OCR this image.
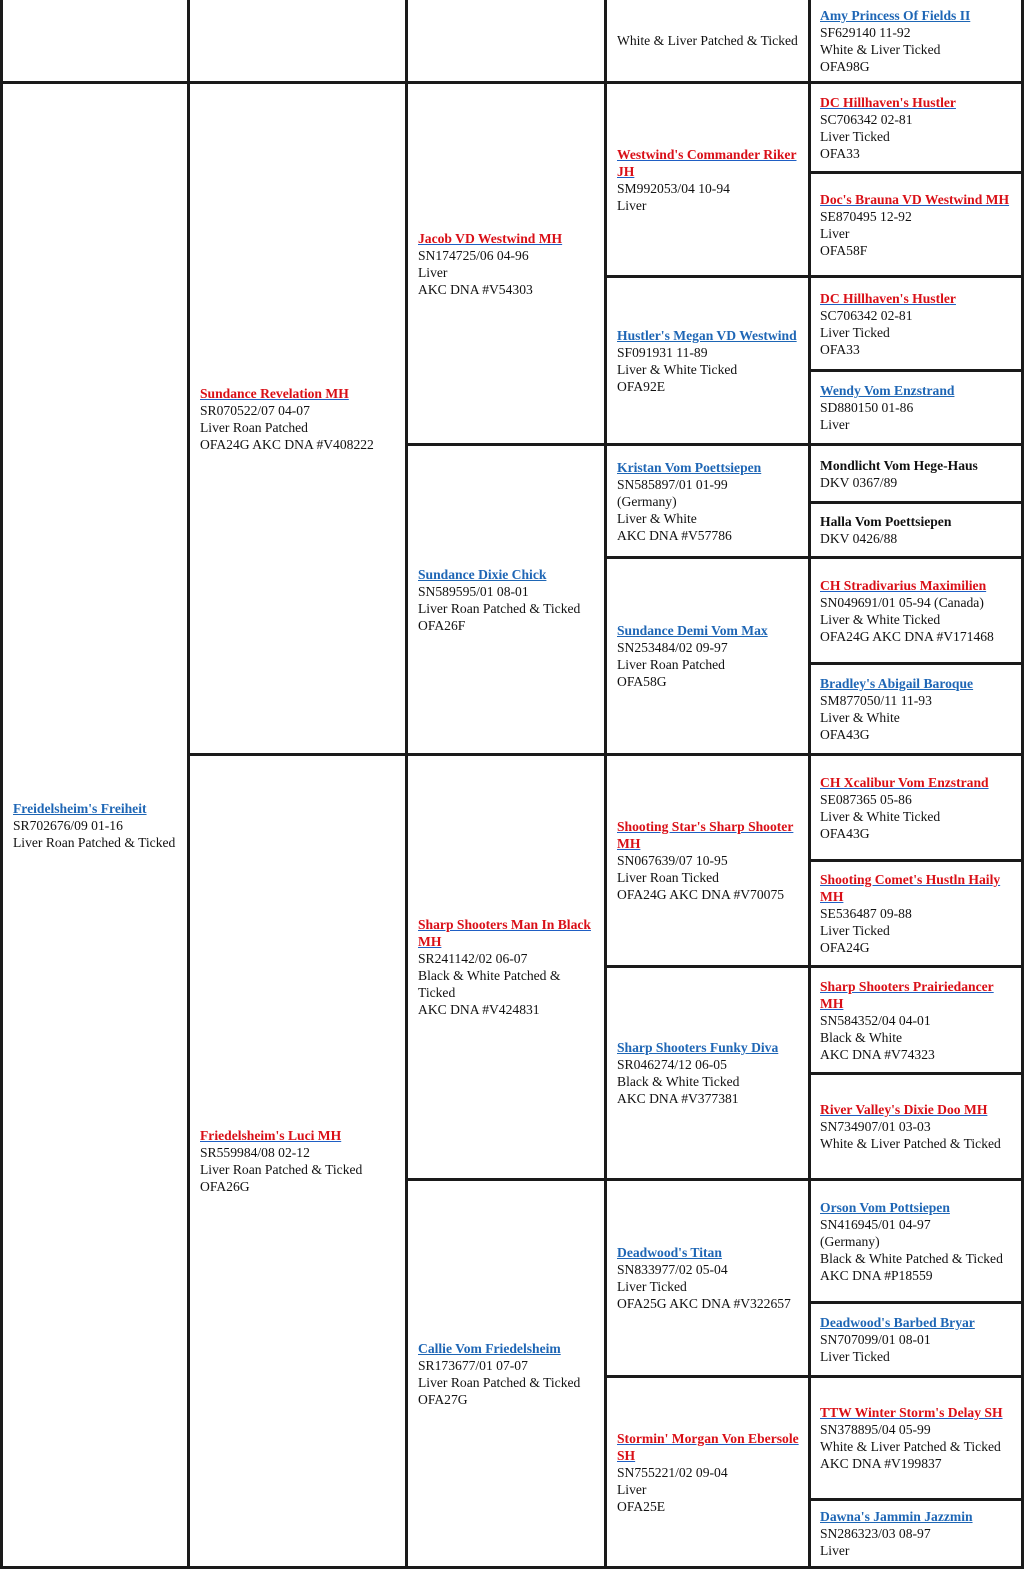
			White & Liver Patched & Ticked	Amy Princess Of Fields II
SF629140 11-92
White & Liver Ticked
OFA98G

Freidelsheim's Freiheit
SR702676/09 01-16
Liver Roan Patched & Ticked	Sundance Revelation MH
SR070522/07 04-07
Liver Roan Patched
OFA24G AKC DNA #V408222	Jacob VD Westwind MH
SN174725/06 04-96
Liver
AKC DNA #V54303	Westwind's Commander Riker JH
SM992053/04 10-94
Liver	DC Hillhaven's Hustler
SC706342 02-81
Liver Ticked
OFA33

				Doc's Brauna VD Westwind MH
SE870495 12-92
Liver
OFA58F

			Hustler's Megan VD Westwind
SF091931 11-89
Liver & White Ticked
OFA92E	DC Hillhaven's Hustler
SC706342 02-81
Liver Ticked
OFA33

				Wendy Vom Enzstrand
SD880150 01-86
Liver

		Sundance Dixie Chick
SN589595/01 08-01
Liver Roan Patched & Ticked
OFA26F	Kristan Vom Poettsiepen
SN585897/01 01-99
(Germany)
Liver & White
AKC DNA #V57786	Mondlicht Vom Hege-Haus
DKV 0367/89

				Halla Vom Poettsiepen
DKV 0426/88

			Sundance Demi Vom Max
SN253484/02 09-97
Liver Roan Patched
OFA58G	CH Stradivarius Maximilien
SN049691/01 05-94 (Canada)
Liver & White Ticked
OFA24G AKC DNA #V171468

				Bradley's Abigail Baroque
SM877050/11 11-93
Liver & White
OFA43G

	Friedelsheim's Luci MH
SR559984/08 02-12
Liver Roan Patched & Ticked
OFA26G	Sharp Shooters Man In Black MH
SR241142/02 06-07
Black & White Patched & Ticked
AKC DNA #V424831	Shooting Star's Sharp Shooter MH
SN067639/07 10-95
Liver Roan Ticked
OFA24G AKC DNA #V70075	CH Xcalibur Vom Enzstrand
SE087365 05-86
Liver & White Ticked
OFA43G

				Shooting Comet's Hustln Haily MH
SE536487 09-88
Liver Ticked
OFA24G

			Sharp Shooters Funky Diva
SR046274/12 06-05
Black & White Ticked
AKC DNA #V377381	Sharp Shooters Prairiedancer MH
SN584352/04 04-01
Black & White
AKC DNA #V74323

				River Valley's Dixie Doo MH
SN734907/01 03-03
White & Liver Patched & Ticked

		Callie Vom Friedelsheim
SR173677/01 07-07
Liver Roan Patched & Ticked
OFA27G	Deadwood's Titan
SN833977/02 05-04
Liver Ticked
OFA25G AKC DNA #V322657	Orson Vom Pottsiepen
SN416945/01 04-97
(Germany)
Black & White Patched & Ticked
AKC DNA #P18559

				Deadwood's Barbed Bryar
SN707099/01 08-01
Liver Ticked

			Stormin' Morgan Von Ebersole SH
SN755221/02 09-04
Liver
OFA25E	TTW Winter Storm's Delay SH
SN378895/04 05-99
White & Liver Patched & Ticked
AKC DNA #V199837

				Dawna's Jammin Jazzmin
SN286323/03 08-97
Liver
